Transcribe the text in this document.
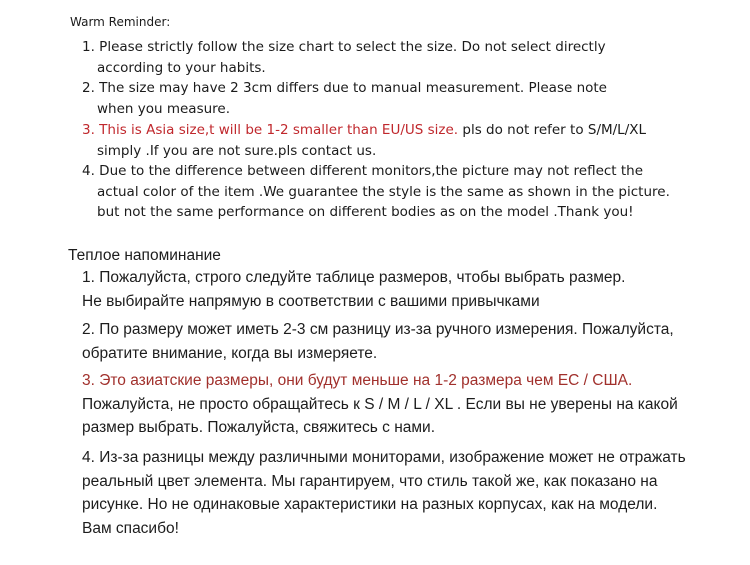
Warm Reminder:
1. Please strictly follow the size chart to select the size. Do not select directly
according to your habits.
2. The size may have 2 3cm differs due to manual measurement. Please note
when you measure.
3. This is Asia size,t will be 1-2 smaller than EU/US size. pls do not refer to S/M/L/XL
simply .If you are not sure.pls contact us.
4. Due to the difference between different monitors,the picture may not reflect the
actual color of the item .We guarantee the style is the same as shown in the picture.
but not the same performance on different bodies as on the model .Thank you!
Теплое напоминание
1. Пожалуйста, строго следуйте таблице размеров, чтобы выбрать размер.
Не выбирайте напрямую в соответствии с вашими привычками
2. По размеру может иметь 2-3 см разницу из-за ручного измерения. Пожалуйста,
обратите внимание, когда вы измеряете.
3. Это азиатские размеры, они будут меньше на 1-2 размера чем ЕС / США.
Пожалуйста, не просто обращайтесь к S / M / L / XL . Если вы не уверены на какой
размер выбрать. Пожалуйста, свяжитесь с нами.
4. Из-за разницы между различными мониторами, изображение может не отражать
реальный цвет элемента. Мы гарантируем, что стиль такой же, как показано на
рисунке. Но не одинаковые характеристики на разных корпусах, как на модели.
Вам спасибо!
